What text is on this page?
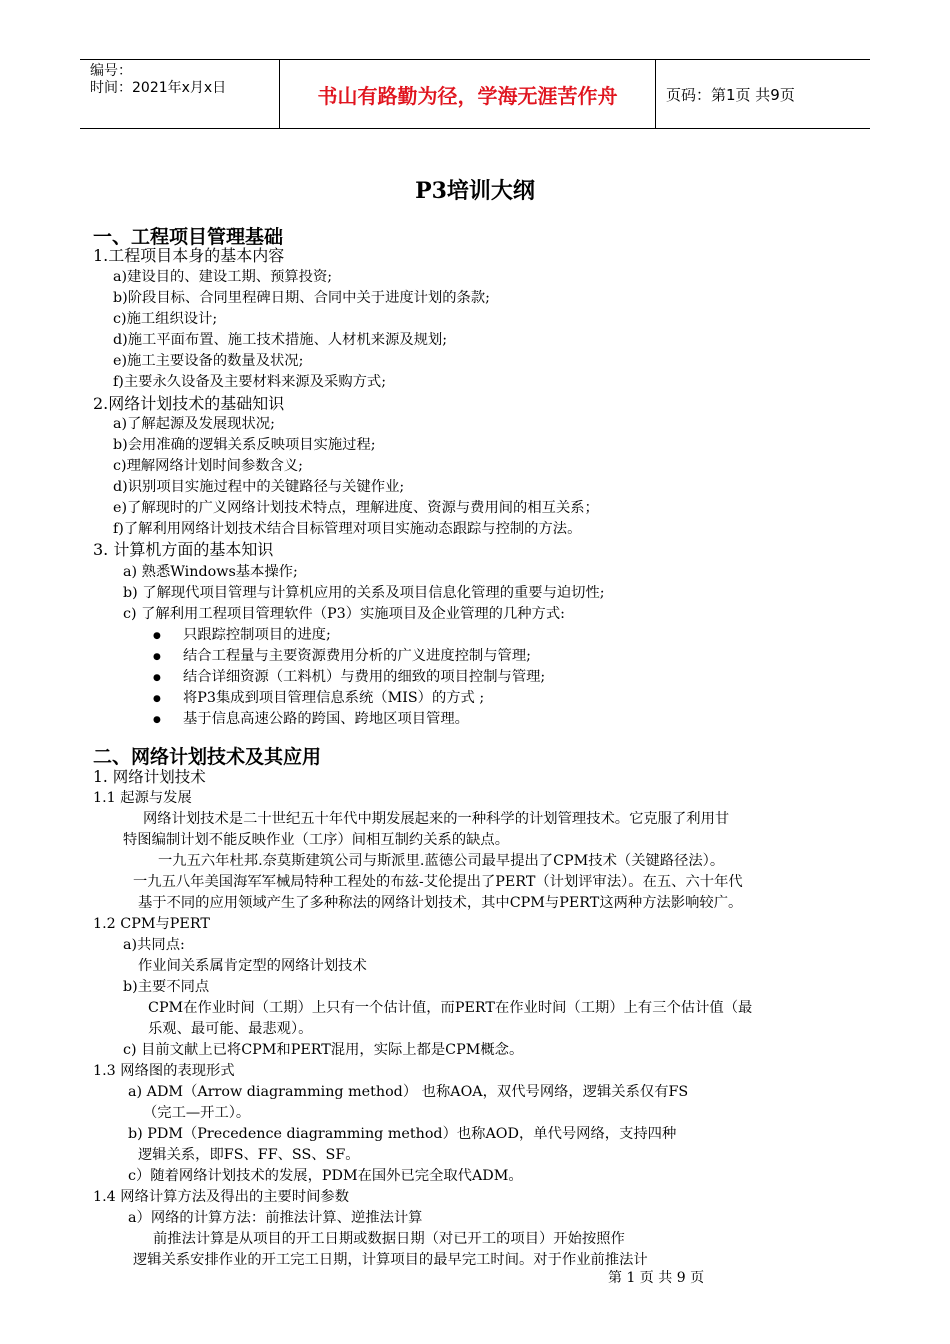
编号：
时间：2021年x月x日	书山有路勤为径，学海无涯苦作舟	页码：第1页 共9页
P3培训大纲
一、工程项目管理基础
1.工程项目本身的基本内容
a)建设目的、建设工期、预算投资;
b)阶段目标、合同里程碑日期、合同中关于进度计划的条款;
c)施工组织设计;
d)施工平面布置、施工技术措施、人材机来源及规划;
e)施工主要设备的数量及状况;
f)主要永久设备及主要材料来源及采购方式;
2.网络计划技术的基础知识
a)了解起源及发展现状况;
b)会用准确的逻辑关系反映项目实施过程;
c)理解网络计划时间参数含义;
d)识别项目实施过程中的关键路径与关键作业;
e)了解现时的广义网络计划技术特点，理解进度、资源与费用间的相互关系；
f)了解利用网络计划技术结合目标管理对项目实施动态跟踪与控制的方法。
3. 计算机方面的基本知识
a) 熟悉Windows基本操作;
b) 了解现代项目管理与计算机应用的关系及项目信息化管理的重要与迫切性;
c) 了解利用工程项目管理软件（P3）实施项目及企业管理的几种方式:
● 只跟踪控制项目的进度;
● 结合工程量与主要资源费用分析的广义进度控制与管理;
● 结合详细资源（工料机）与费用的细致的项目控制与管理;
● 将P3集成到项目管理信息系统（MIS）的方式 ;
● 基于信息高速公路的跨国、跨地区项目管理。
二、网络计划技术及其应用
1. 网络计划技术
1.1 起源与发展
网络计划技术是二十世纪五十年代中期发展起来的一种科学的计划管理技术。它克服了利用甘
特图编制计划不能反映作业（工序）间相互制约关系的缺点。
一九五六年杜邦.奈莫斯建筑公司与斯派里.蓝德公司最早提出了CPM技术（关键路径法）。
一九五八年美国海军军械局特种工程处的布兹-艾伦提出了PERT（计划评审法）。在五、六十年代
基于不同的应用领域产生了多种称法的网络计划技术，其中CPM与PERT这两种方法影响较广。
1.2 CPM与PERT
a)共同点:
作业间关系属肯定型的网络计划技术
b)主要不同点
CPM在作业时间（工期）上只有一个估计值，而PERT在作业时间（工期）上有三个估计值（最
乐观、最可能、最悲观）。
c) 目前文献上已将CPM和PERT混用，实际上都是CPM概念。
1.3 网络图的表现形式
a) ADM（Arrow diagramming method） 也称AOA，双代号网络，逻辑关系仅有FS
（完工—开工）。
b) PDM（Precedence diagramming method）也称AOD，单代号网络，支持四种
逻辑关系，即FS、FF、SS、SF。
c）随着网络计划技术的发展，PDM在国外已完全取代ADM。
1.4 网络计算方法及得出的主要时间参数
a）网络的计算方法：前推法计算、逆推法计算
前推法计算是从项目的开工日期或数据日期（对已开工的项目）开始按照作
逻辑关系安排作业的开工完工日期，计算项目的最早完工时间。对于作业前推法计
第 1 页 共 9 页
